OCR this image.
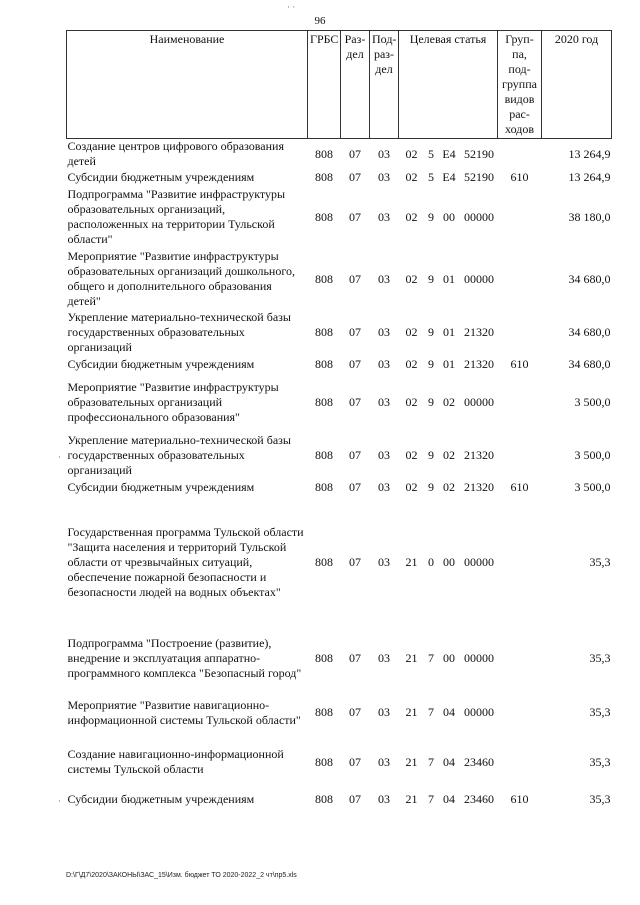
96
· ·
Наименование	ГРБС	Раз-дел	Под-раз-дел	Целевая статья				Груп-па, под-группа видов рас-ходов	2020 год
Создание центров цифрового образования детей	808	07	03	02	5	E4	52190		13 264,9
Субсидии бюджетным учреждениям	808	07	03	02	5	E4	52190	610	13 264,9
Подпрограмма "Развитие инфраструктуры образовательных организаций, расположенных на территории Тульской области"	808	07	03	02	9	00	00000		38 180,0
Мероприятие "Развитие инфраструктуры образовательных организаций дошкольного, общего и дополнительного образования детей"	808	07	03	02	9	01	00000		34 680,0
Укрепление материально-технической базы государственных образовательных организаций	808	07	03	02	9	01	21320		34 680,0
Субсидии бюджетным учреждениям	808	07	03	02	9	01	21320	610	34 680,0

Мероприятие "Развитие инфраструктуры образовательных организаций профессионального образования"	808	07	03	02	9	02	00000		3 500,0

Укрепление материально-технической базы государственных образовательных организаций	808	07	03	02	9	02	21320		3 500,0
Субсидии бюджетным учреждениям	808	07	03	02	9	02	21320	610	3 500,0

Государственная программа Тульской области "Защита населения и территорий Тульской области от чрезвычайных ситуаций, обеспечение пожарной безопасности и безопасности людей на водных объектах"	808	07	03	21	0	00	00000		35,3

Подпрограмма "Построение (развитие), внедрение и эксплуатация аппаратно-программного комплекса "Безопасный город"	808	07	03	21	7	00	00000		35,3
Мероприятие "Развитие навигационно-информационной системы Тульской области"	808	07	03	21	7	04	00000		35,3

Создание навигационно-информационной системы Тульской области	808	07	03	21	7	04	23460		35,3

Субсидии бюджетным учреждениям	808	07	03	21	7	04	23460	610	35,3
·
·
D:\Г\Д7\2020\ЗАКОНЫ\ЗАС_15\Изм. бюджет ТО 2020-2022_2 чт\пр5.xls
